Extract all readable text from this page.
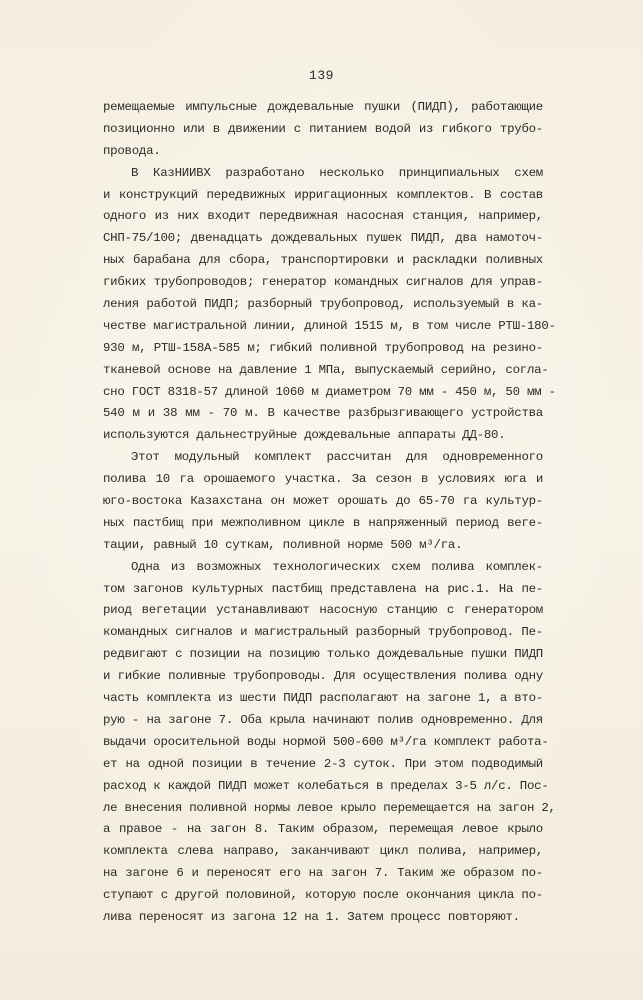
139
ремещаемые импульсные дождевальные пушки (ПИДП), работающие
позиционно или в движении с питанием водой из гибкого трубо-
провода.
В КазНИИВХ разработано несколько принципиальных схем
и конструкций передвижных ирригационных комплектов. В состав
одного из них входит передвижная насосная станция, например,
СНП-75/100; двенадцать дождевальных пушек ПИДП, два намоточ-
ных барабана для сбора, транспортировки и раскладки поливных
гибких трубопроводов; генератор командных сигналов для управ-
ления работой ПИДП; разборный трубопровод, используемый в ка-
честве магистральной линии, длиной 1515 м, в том числе РТШ-180-
930 м, РТШ-158А-585 м; гибкий поливной трубопровод на резино-
тканевой основе на давление 1 МПа, выпускаемый серийно, согла-
сно ГОСТ 8318-57 длиной 1060 м диаметром 70 мм - 450 м, 50 мм -
540 м и 38 мм - 70 м. В качестве разбрызгивающего устройства
используются дальнеструйные дождевальные аппараты ДД-80.
Этот модульный комплект рассчитан для одновременного
полива 10 га орошаемого участка. За сезон в условиях юга и
юго-востока Казахстана он может орошать до 65-70 га культур-
ных пастбищ при межполивном цикле в напряженный период веге-
тации, равный 10 суткам, поливной норме 500 м³/га.
Одна из возможных технологических схем полива комплек-
том загонов культурных пастбищ представлена на рис.1. На пе-
риод вегетации устанавливают насосную станцию с генератором
командных сигналов и магистральный разборный трубопровод. Пе-
редвигают с позиции на позицию только дождевальные пушки ПИДП
и гибкие поливные трубопроводы. Для осуществления полива одну
часть комплекта из шести ПИДП располагают на загоне 1, а вто-
рую - на загоне 7. Оба крыла начинают полив одновременно. Для
выдачи оросительной воды нормой 500-600 м³/га комплект работа-
ет на одной позиции в течение 2-3 суток. При этом подводимый
расход к каждой ПИДП может колебаться в пределах 3-5 л/с. Пос-
ле внесения поливной нормы левое крыло перемещается на загон 2,
а правое - на загон 8. Таким образом, перемещая левое крыло
комплекта слева направо, заканчивают цикл полива, например,
на загоне 6 и переносят его на загон 7. Таким же образом по-
ступают с другой половиной, которую после окончания цикла по-
лива переносят из загона 12 на 1. Затем процесс повторяют.
